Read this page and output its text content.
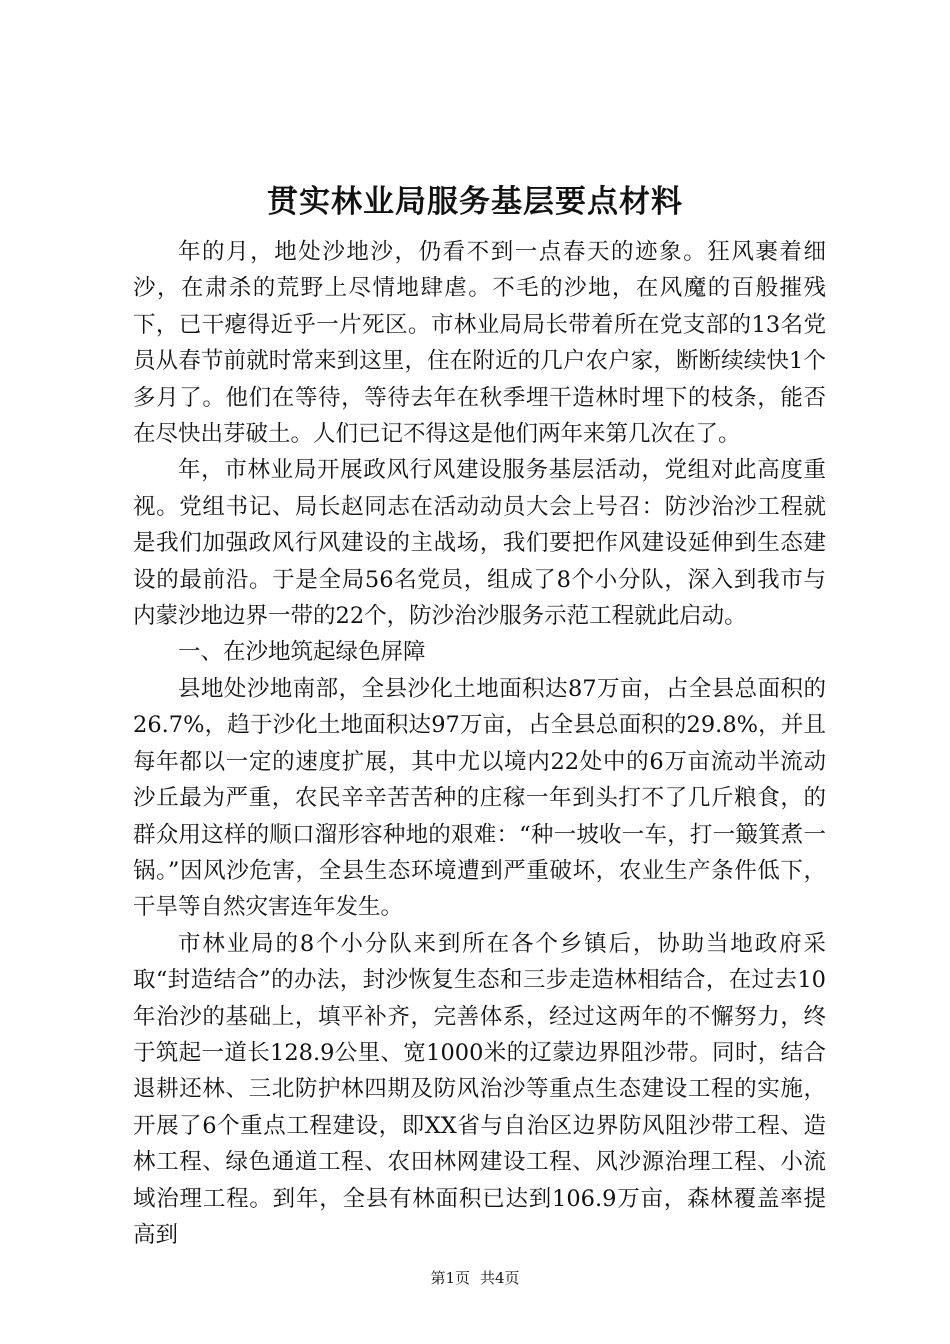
贯实林业局服务基层要点材料

年的月，地处沙地沙，仍看不到一点春天的迹象。狂风裹着细沙，在肃杀的荒野上尽情地肆虐。不毛的沙地，在风魔的百般摧残下，已干瘪得近乎一片死区。市林业局局长带着所在党支部的13名党员从春节前就时常来到这里，住在附近的几户农户家，断断续续快1个多月了。他们在等待，等待去年在秋季埋干造林时埋下的枝条，能否在尽快出芽破土。人们已记不得这是他们两年来第几次在了。

年，市林业局开展政风行风建设服务基层活动，党组对此高度重视。党组书记、局长赵同志在活动动员大会上号召：防沙治沙工程就是我们加强政风行风建设的主战场，我们要把作风建设延伸到生态建设的最前沿。于是全局56名党员，组成了8个小分队，深入到我市与内蒙沙地边界一带的22个，防沙治沙服务示范工程就此启动。

一、在沙地筑起绿色屏障

县地处沙地南部，全县沙化土地面积达87万亩，占全县总面积的26.7%，趋于沙化土地面积达97万亩，占全县总面积的29.8%，并且每年都以一定的速度扩展，其中尤以境内22处中的6万亩流动半流动沙丘最为严重，农民辛辛苦苦种的庄稼一年到头打不了几斤粮食，的群众用这样的顺口溜形容种地的艰难：“种一坡收一车，打一簸箕煮一锅。”因风沙危害，全县生态环境遭到严重破坏，农业生产条件低下，干旱等自然灾害连年发生。

市林业局的8个小分队来到所在各个乡镇后，协助当地政府采取“封造结合”的办法，封沙恢复生态和三步走造林相结合，在过去10年治沙的基础上，填平补齐，完善体系，经过这两年的不懈努力，终于筑起一道长128.9公里、宽1000米的辽蒙边界阻沙带。同时，结合退耕还林、三北防护林四期及防风治沙等重点生态建设工程的实施，开展了6个重点工程建设，即XX省与自治区边界防风阻沙带工程、造林工程、绿色通道工程、农田林网建设工程、风沙源治理工程、小流域治理工程。到年，全县有林面积已达到106.9万亩，森林覆盖率提高到

第1页 共4页
